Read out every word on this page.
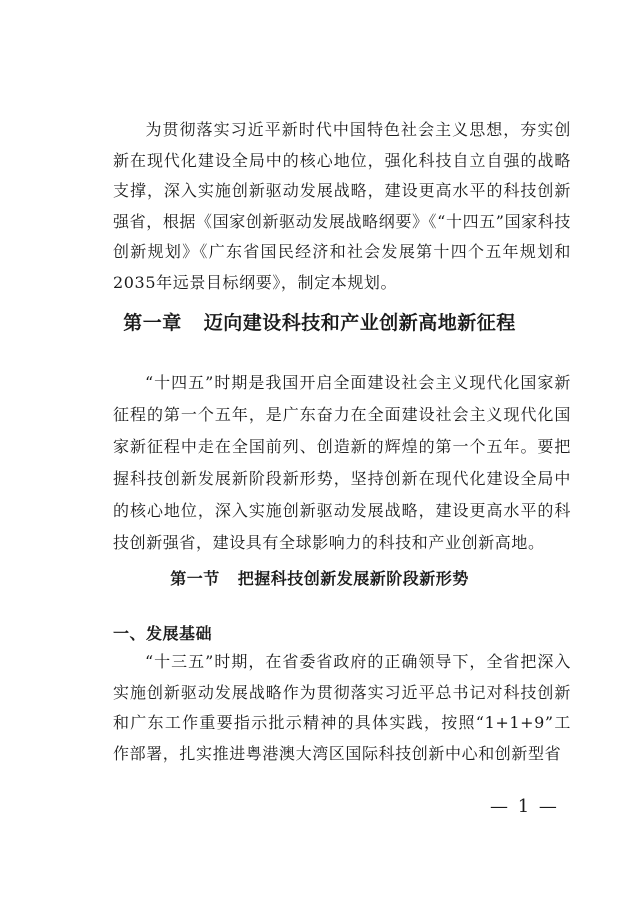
为贯彻落实习近平新时代中国特色社会主义思想，夯实创新在现代化建设全局中的核心地位，强化科技自立自强的战略支撑，深入实施创新驱动发展战略，建设更高水平的科技创新强省，根据《国家创新驱动发展战略纲要》《“十四五”国家科技创新规划》《广东省国民经济和社会发展第十四个五年规划和2035年远景目标纲要》，制定本规划。

第一章 迈向建设科技和产业创新高地新征程

“十四五”时期是我国开启全面建设社会主义现代化国家新征程的第一个五年，是广东奋力在全面建设社会主义现代化国家新征程中走在全国前列、创造新的辉煌的第一个五年。要把握科技创新发展新阶段新形势，坚持创新在现代化建设全局中的核心地位，深入实施创新驱动发展战略，建设更高水平的科技创新强省，建设具有全球影响力的科技和产业创新高地。

第一节 把握科技创新发展新阶段新形势
一、发展基础

“十三五”时期，在省委省政府的正确领导下，全省把深入实施创新驱动发展战略作为贯彻落实习近平总书记对科技创新和广东工作重要指示批示精神的具体实践，按照“1+1+9”工作部署，扎实推进粤港澳大湾区国际科技创新中心和创新型省

— 1 —
